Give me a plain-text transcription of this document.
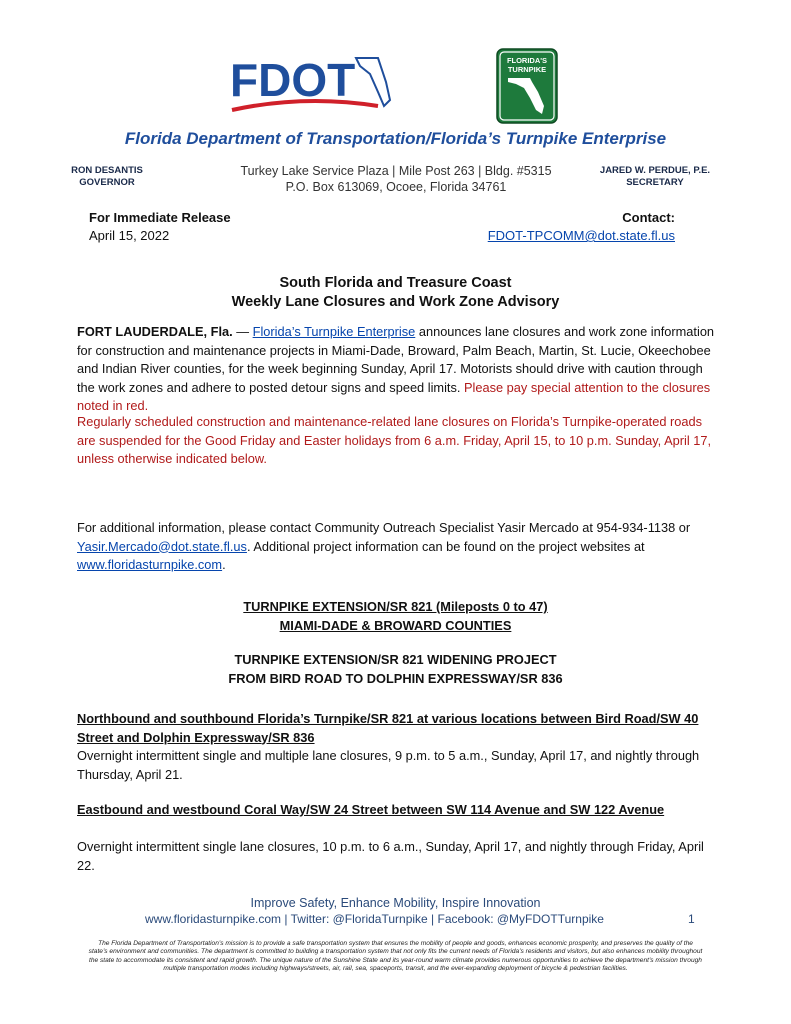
FDOT	FLORIDA'S
TURNPIKE
Florida Department of Transportation/Florida’s Turnpike Enterprise
RON DESANTIS
GOVERNOR
Turkey Lake Service Plaza | Mile Post 263 | Bldg. #5315
P.O. Box 613069, Ocoee, Florida 34761
JARED W. PERDUE, P.E.
SECRETARY
For Immediate Release
April 15, 2022
Contact:
FDOT-TPCOMM@dot.state.fl.us
South Florida and Treasure Coast
Weekly Lane Closures and Work Zone Advisory
FORT LAUDERDALE, Fla. — Florida’s Turnpike Enterprise announces lane closures and work zone information for construction and maintenance projects in Miami-Dade, Broward, Palm Beach, Martin, St. Lucie, Okeechobee and Indian River counties, for the week beginning Sunday, April 17. Motorists should drive with caution through the work zones and adhere to posted detour signs and speed limits. Please pay special attention to the closures noted in red.
Regularly scheduled construction and maintenance-related lane closures on Florida’s Turnpike-operated roads are suspended for the Good Friday and Easter holidays from 6 a.m. Friday, April 15, to 10 p.m. Sunday, April 17, unless otherwise indicated below.
For additional information, please contact Community Outreach Specialist Yasir Mercado at 954-934-1138 or Yasir.Mercado@dot.state.fl.us. Additional project information can be found on the project websites at www.floridasturnpike.com.
TURNPIKE EXTENSION/SR 821 (Mileposts 0 to 47)
MIAMI-DADE & BROWARD COUNTIES
TURNPIKE EXTENSION/SR 821 WIDENING PROJECT
FROM BIRD ROAD TO DOLPHIN EXPRESSWAY/SR 836
Northbound and southbound Florida’s Turnpike/SR 821 at various locations between Bird Road/SW 40 Street and Dolphin Expressway/SR 836
Overnight intermittent single and multiple lane closures, 9 p.m. to 5 a.m., Sunday, April 17, and nightly through Thursday, April 21.
Eastbound and westbound Coral Way/SW 24 Street between SW 114 Avenue and SW 122 Avenue
Overnight intermittent single lane closures, 10 p.m. to 6 a.m., Sunday, April 17, and nightly through Friday, April 22.
Improve Safety, Enhance Mobility, Inspire Innovation
www.floridasturnpike.com | Twitter: @FloridaTurnpike | Facebook: @MyFDOTTurnpike	1
The Florida Department of Transportation’s mission is to provide a safe transportation system that ensures the mobility of people and goods, enhances economic prosperity, and preserves the quality of the state’s environment and communities. The department is committed to building a transportation system that not only fits the current needs of Florida’s residents and visitors, but also enhances mobility throughout the state to accommodate its consistent and rapid growth. The unique nature of the Sunshine State and its year-round warm climate provides numerous opportunities to achieve the department’s mission through multiple transportation modes including highways/streets, air, rail, sea, spaceports, transit, and the ever-expanding deployment of bicycle & pedestrian facilities.
